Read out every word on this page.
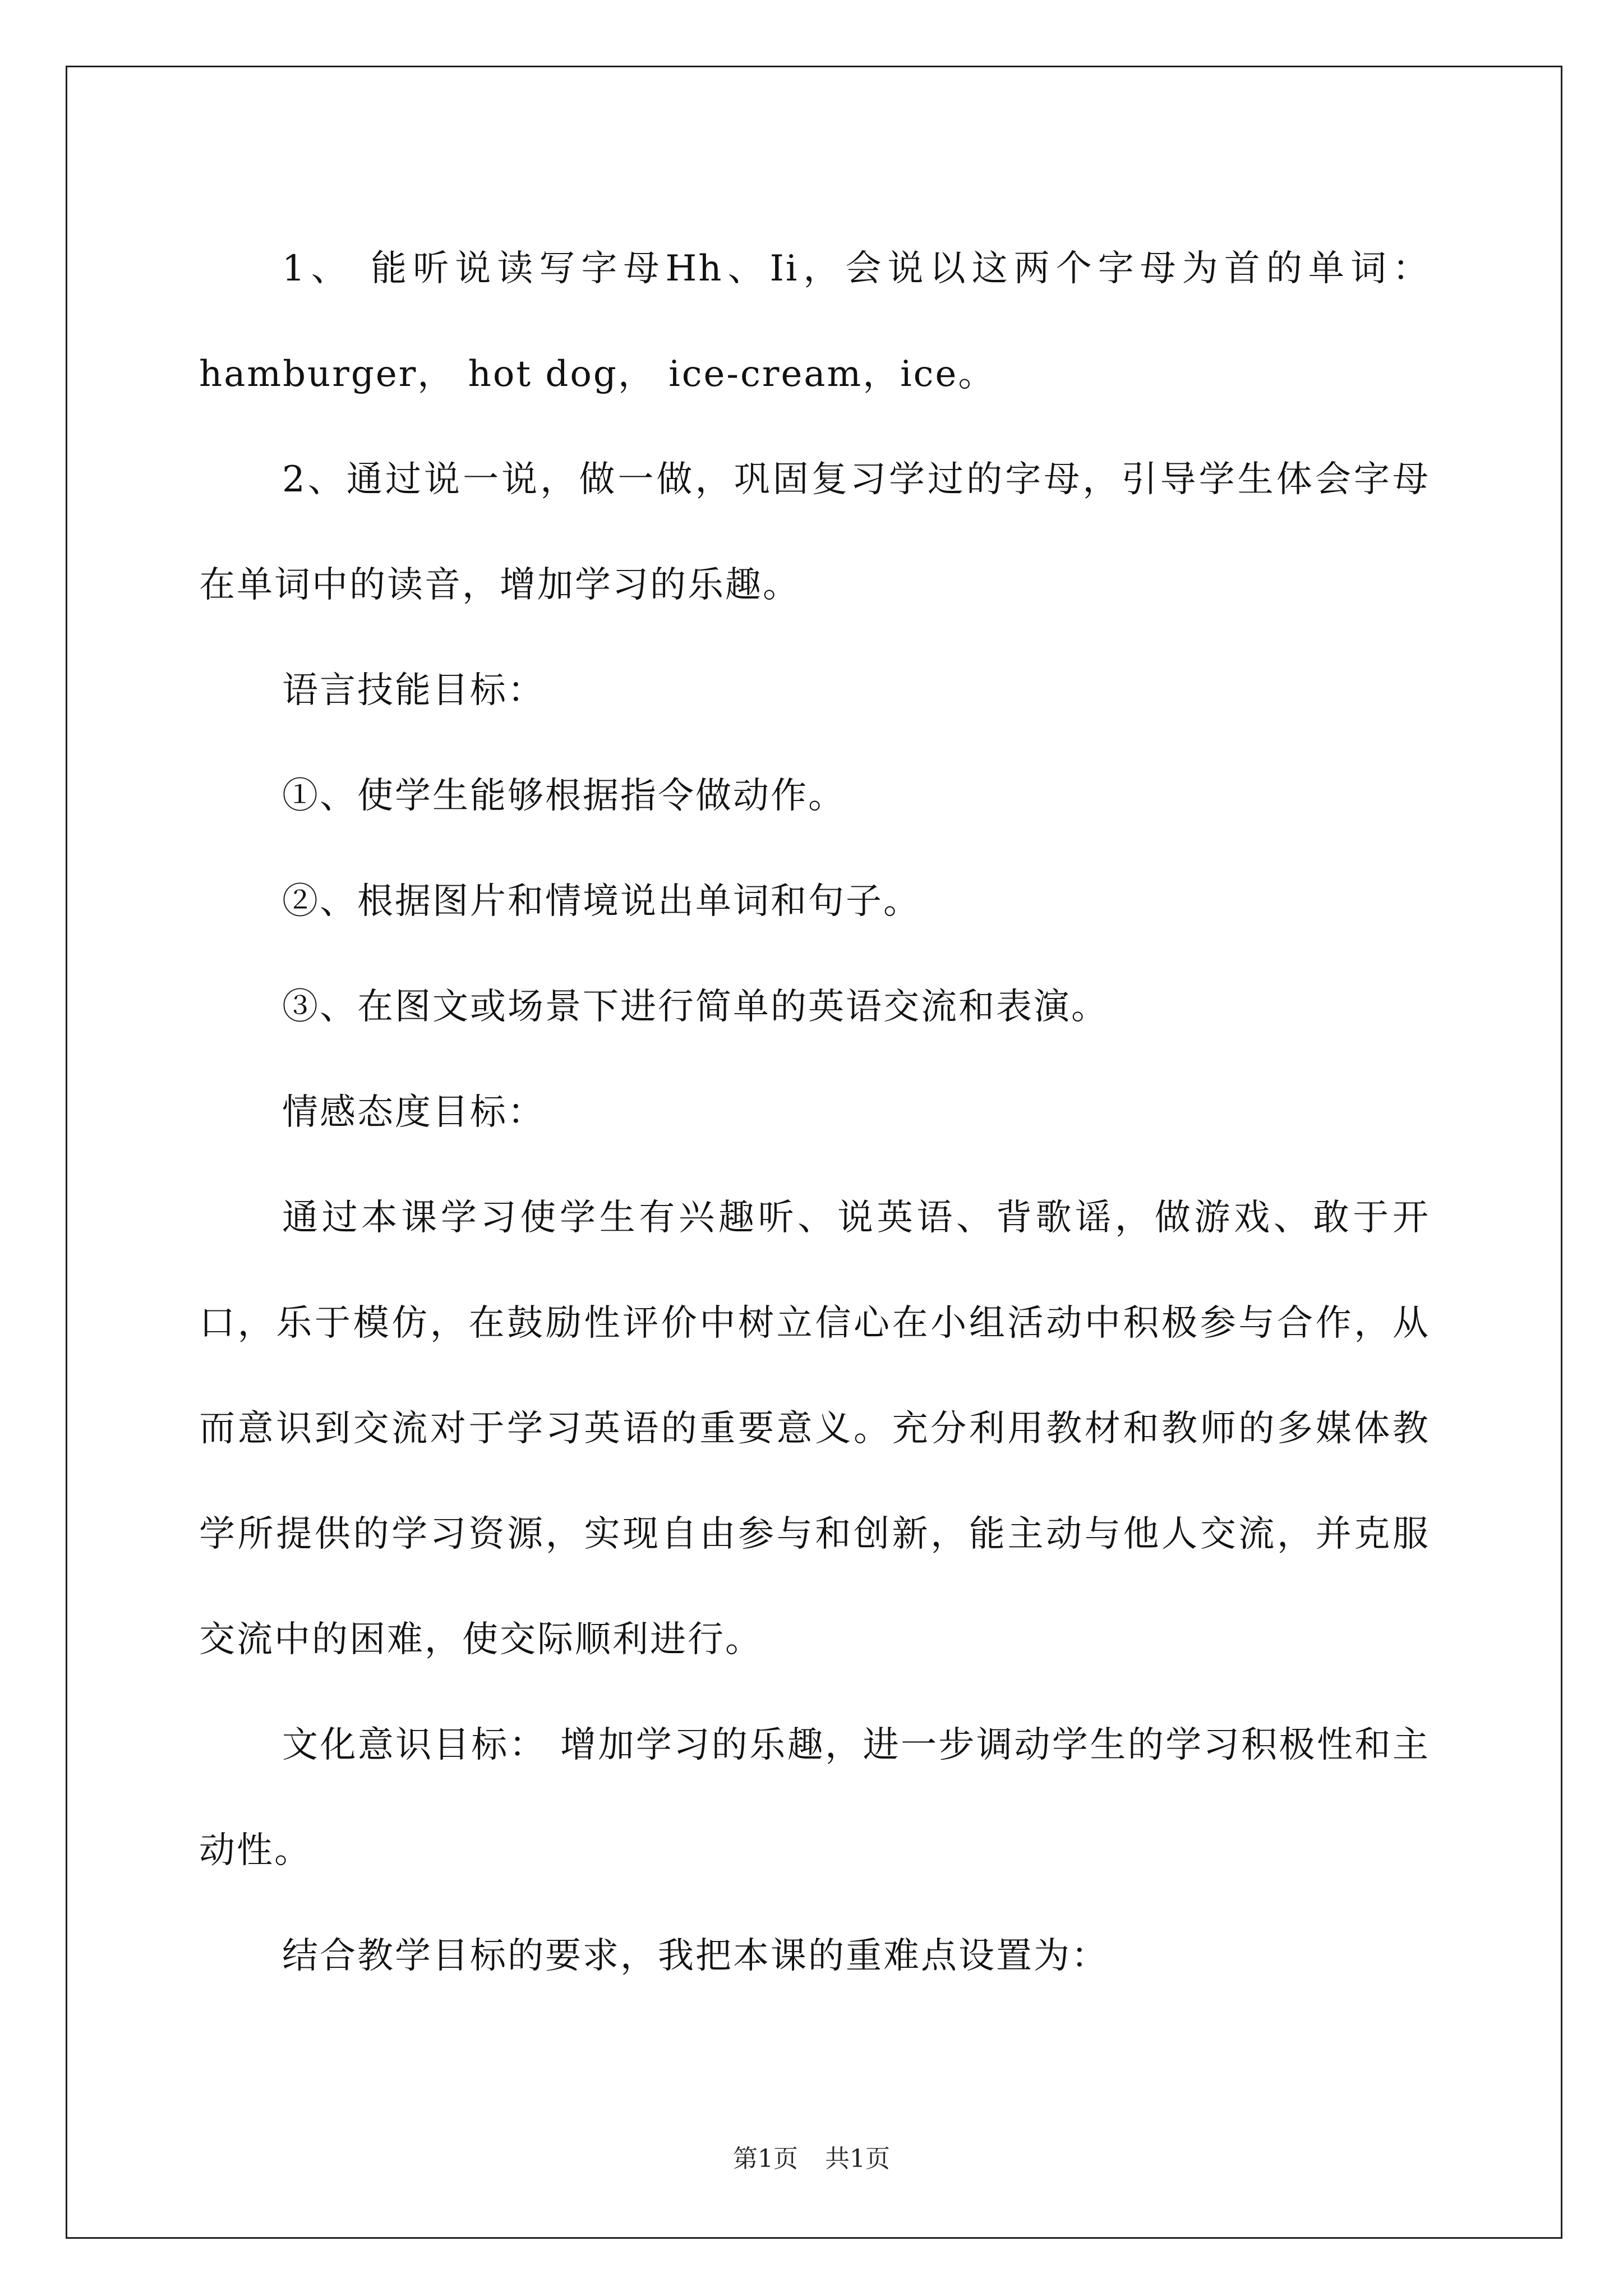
1、 能听说读写字母Hh、Ii，会说以这两个字母为首的单词：hamburger， hot dog， ice-cream，ice。

2、通过说一说，做一做，巩固复习学过的字母，引导学生体会字母在单词中的读音，增加学习的乐趣。

语言技能目标：

①、使学生能够根据指令做动作。

②、根据图片和情境说出单词和句子。

③、在图文或场景下进行简单的英语交流和表演。

情感态度目标：

通过本课学习使学生有兴趣听、说英语、背歌谣，做游戏、敢于开口，乐于模仿，在鼓励性评价中树立信心在小组活动中积极参与合作，从而意识到交流对于学习英语的重要意义。充分利用教材和教师的多媒体教学所提供的学习资源，实现自由参与和创新，能主动与他人交流，并克服交流中的困难，使交际顺利进行。

文化意识目标： 增加学习的乐趣，进一步调动学生的学习积极性和主动性。

结合教学目标的要求，我把本课的重难点设置为：

第1页 共1页
